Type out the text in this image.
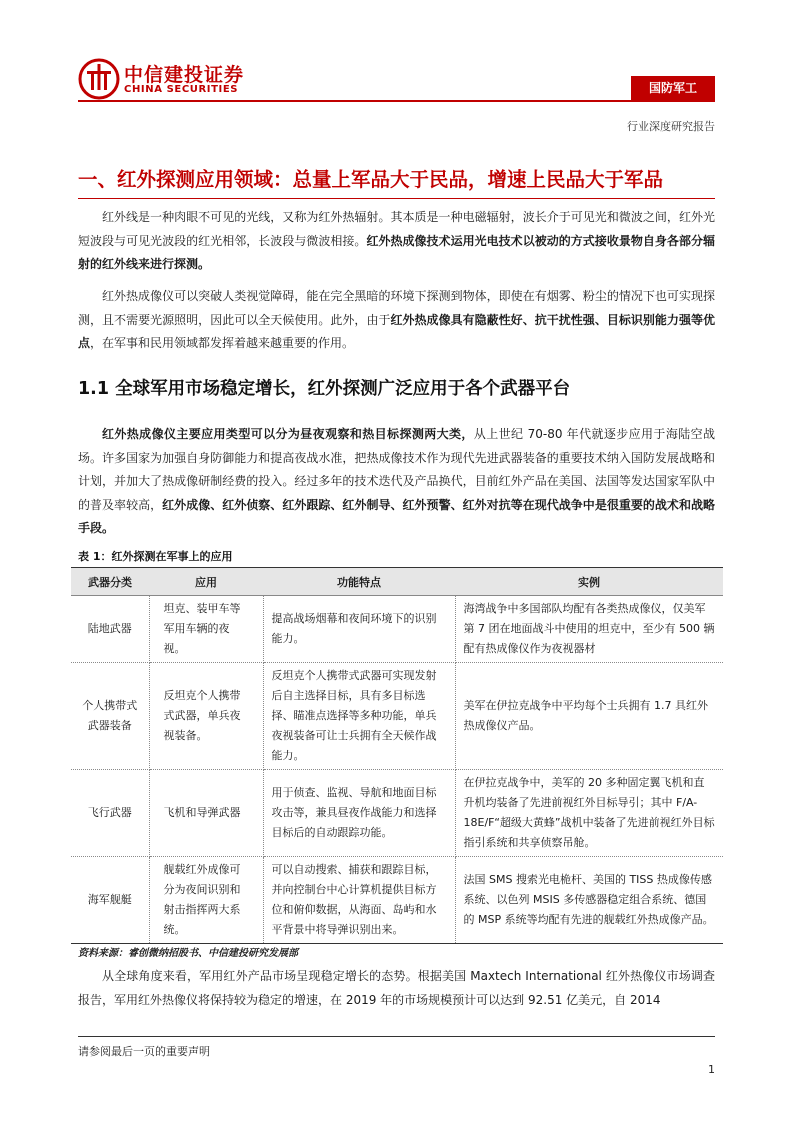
中信建投证券
CHINA SECURITIES	国防军工
行业深度研究报告
一、红外探测应用领域：总量上军品大于民品，增速上民品大于军品
红外线是一种肉眼不可见的光线，又称为红外热辐射。其本质是一种电磁辐射，波长介于可见光和微波之间，红外光短波段与可见光波段的红光相邻，长波段与微波相接。红外热成像技术运用光电技术以被动的方式接收景物自身各部分辐射的红外线来进行探测。
红外热成像仪可以突破人类视觉障碍，能在完全黑暗的环境下探测到物体，即使在有烟雾、粉尘的情况下也可实现探测，且不需要光源照明，因此可以全天候使用。此外，由于红外热成像具有隐蔽性好、抗干扰性强、目标识别能力强等优点，在军事和民用领域都发挥着越来越重要的作用。
1.1 全球军用市场稳定增长，红外探测广泛应用于各个武器平台
红外热成像仪主要应用类型可以分为昼夜观察和热目标探测两大类，从上世纪 70-80 年代就逐步应用于海陆空战场。许多国家为加强自身防御能力和提高夜战水准，把热成像技术作为现代先进武器装备的重要技术纳入国防发展战略和计划，并加大了热成像研制经费的投入。经过多年的技术迭代及产品换代，目前红外产品在美国、法国等发达国家军队中的普及率较高，红外成像、红外侦察、红外跟踪、红外制导、红外预警、红外对抗等在现代战争中是很重要的战术和战略手段。
表 1：红外探测在军事上的应用
武器分类	应用	功能特点	实例
陆地武器	坦克、装甲车等军用车辆的夜视。	提高战场烟幕和夜间环境下的识别能力。	海湾战争中多国部队均配有各类热成像仪，仅美军第 7 团在地面战斗中使用的坦克中，至少有 500 辆配有热成像仪作为夜视器材
个人携带式武器装备	反坦克个人携带式武器，单兵夜视装备。	反坦克个人携带式武器可实现发射后自主选择目标，具有多目标选择、瞄准点选择等多种功能，单兵夜视装备可让士兵拥有全天候作战能力。	美军在伊拉克战争中平均每个士兵拥有 1.7 具红外热成像仪产品。
飞行武器	飞机和导弹武器	用于侦查、监视、导航和地面目标攻击等，兼具昼夜作战能力和选择目标后的自动跟踪功能。	在伊拉克战争中，美军的 20 多种固定翼飞机和直升机均装备了先进前视红外目标导引；其中 F/A-18E/F“超级大黄蜂”战机中装备了先进前视红外目标指引系统和共享侦察吊舱。
海军舰艇	舰载红外成像可分为夜间识别和射击指挥两大系统。	可以自动搜索、捕获和跟踪目标，并向控制台中心计算机提供目标方位和俯仰数据，从海面、岛屿和水平背景中将导弹识别出来。	法国 SMS 搜索光电桅杆、美国的 TISS 热成像传感系统、以色列 MSIS 多传感器稳定组合系统、德国的 MSP 系统等均配有先进的舰载红外热成像产品。
资料来源：睿创微纳招股书、中信建投研究发展部
从全球角度来看，军用红外产品市场呈现稳定增长的态势。根据美国 Maxtech International 红外热像仪市场调查报告，军用红外热像仪将保持较为稳定的增速，在 2019 年的市场规模预计可以达到 92.51 亿美元，自 2014
请参阅最后一页的重要声明
1
